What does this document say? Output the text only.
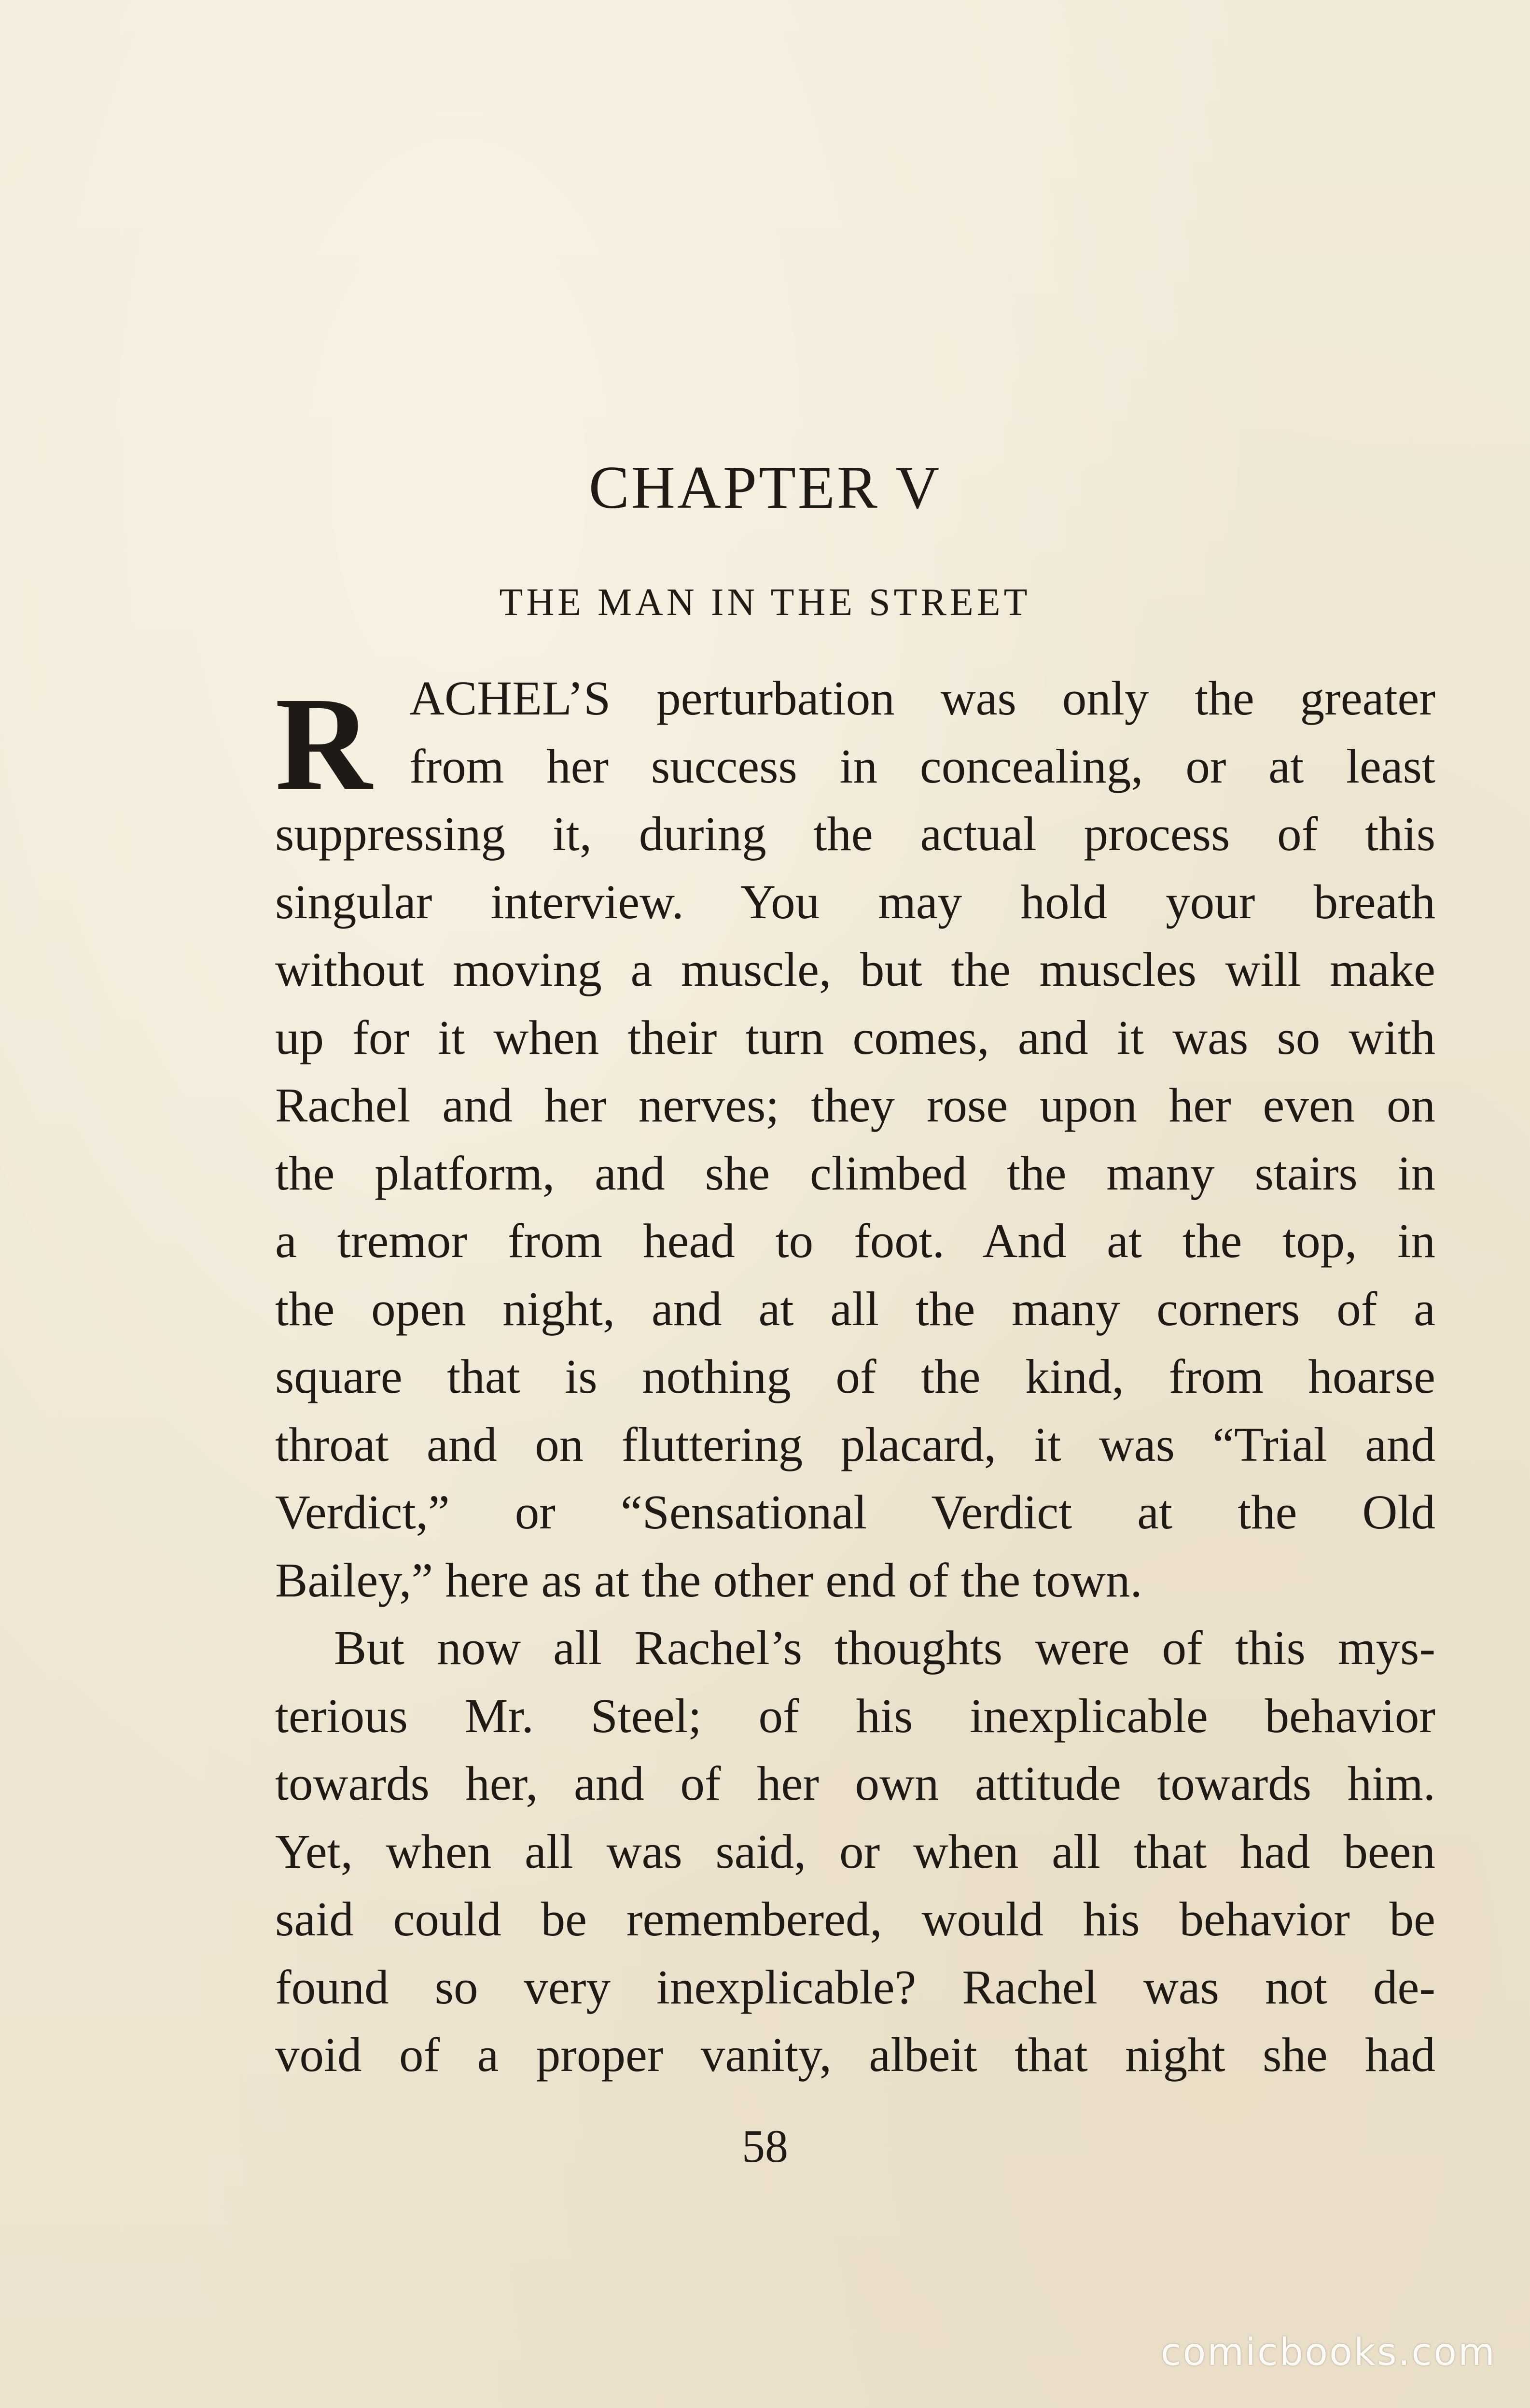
CHAPTER V
THE MAN IN THE STREET
R ACHEL’S perturbation was only the greater
from her success in concealing, or at least
suppressing it, during the actual process of this
singular interview. You may hold your breath
without moving a muscle, but the muscles will make
up for it when their turn comes, and it was so with
Rachel and her nerves; they rose upon her even on
the platform, and she climbed the many stairs in
a tremor from head to foot. And at the top, in
the open night, and at all the many corners of a
square that is nothing of the kind, from hoarse
throat and on fluttering placard, it was “Trial and
Verdict,” or “Sensational Verdict at the Old
Bailey,” here as at the other end of the town.
But now all Rachel’s thoughts were of this mys-
terious Mr. Steel; of his inexplicable behavior
towards her, and of her own attitude towards him.
Yet, when all was said, or when all that had been
said could be remembered, would his behavior be
found so very inexplicable? Rachel was not de-
void of a proper vanity, albeit that night she had
58
comicbooks.com
